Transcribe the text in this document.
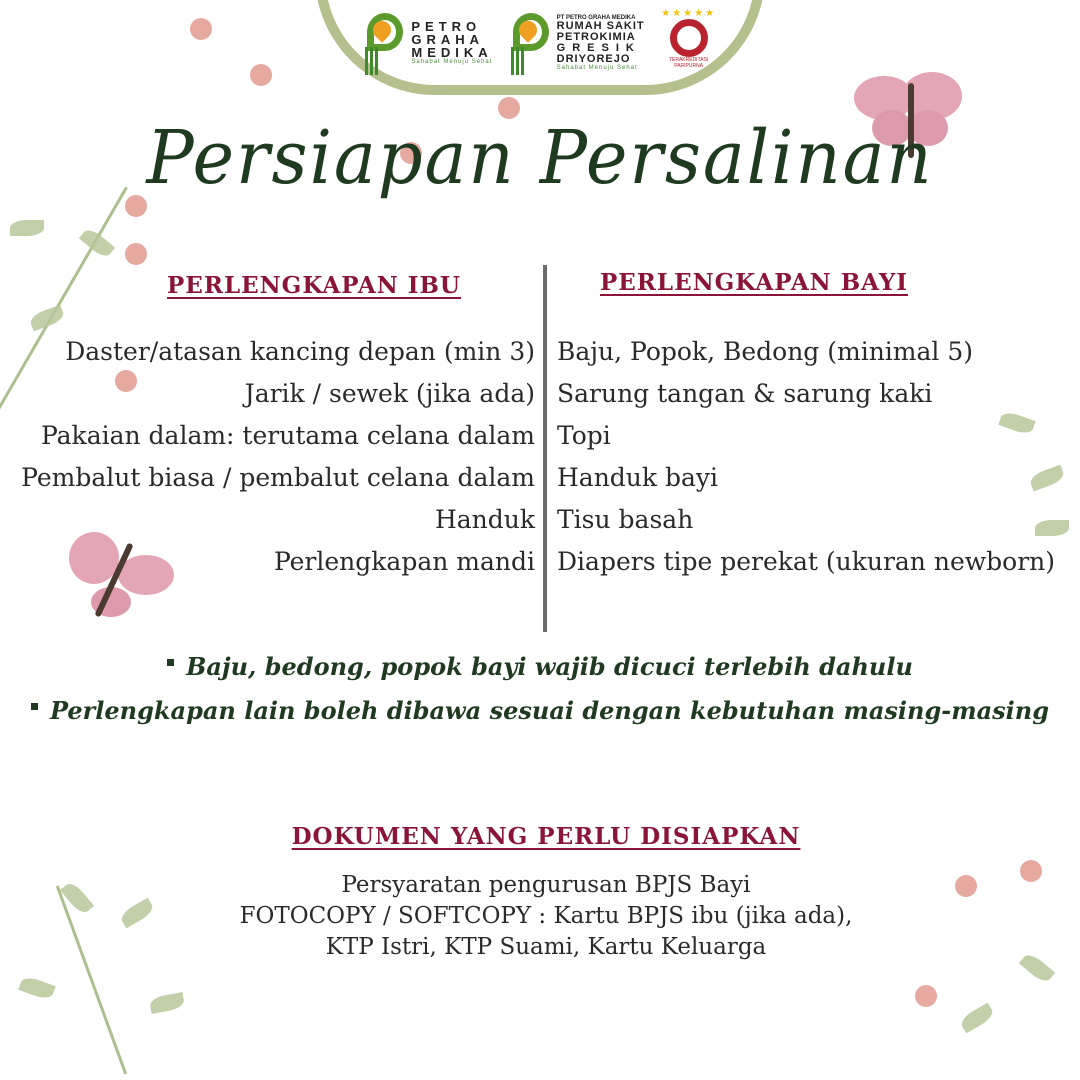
PETRO
GRAHA
MEDIKA
Sahabat Menuju Sehat
PT PETRO GRAHA MEDIKA
RUMAH SAKIT
PETROKIMIA
GRESIK
DRIYOREJO
Sahabat Menuju Sehat
★★★★★
TERAKREDITASI PARIPURNA
Persiapan Persalinan
PERLENGKAPAN IBU	PERLENGKAPAN BAYI
Daster/atasan kancing depan (min 3)
Jarik / sewek (jika ada)
Pakaian dalam: terutama celana dalam
Pembalut biasa / pembalut celana dalam
Handuk
Perlengkapan mandi
Baju, Popok, Bedong (minimal 5)
Sarung tangan & sarung kaki
Topi
Handuk bayi
Tisu basah
Diapers tipe perekat (ukuran newborn)
Baju, bedong, popok bayi wajib dicuci terlebih dahulu
Perlengkapan lain boleh dibawa sesuai dengan kebutuhan masing-masing
DOKUMEN YANG PERLU DISIAPKAN
Persyaratan pengurusan BPJS Bayi
FOTOCOPY / SOFTCOPY : Kartu BPJS ibu (jika ada),
KTP Istri, KTP Suami, Kartu Keluarga
